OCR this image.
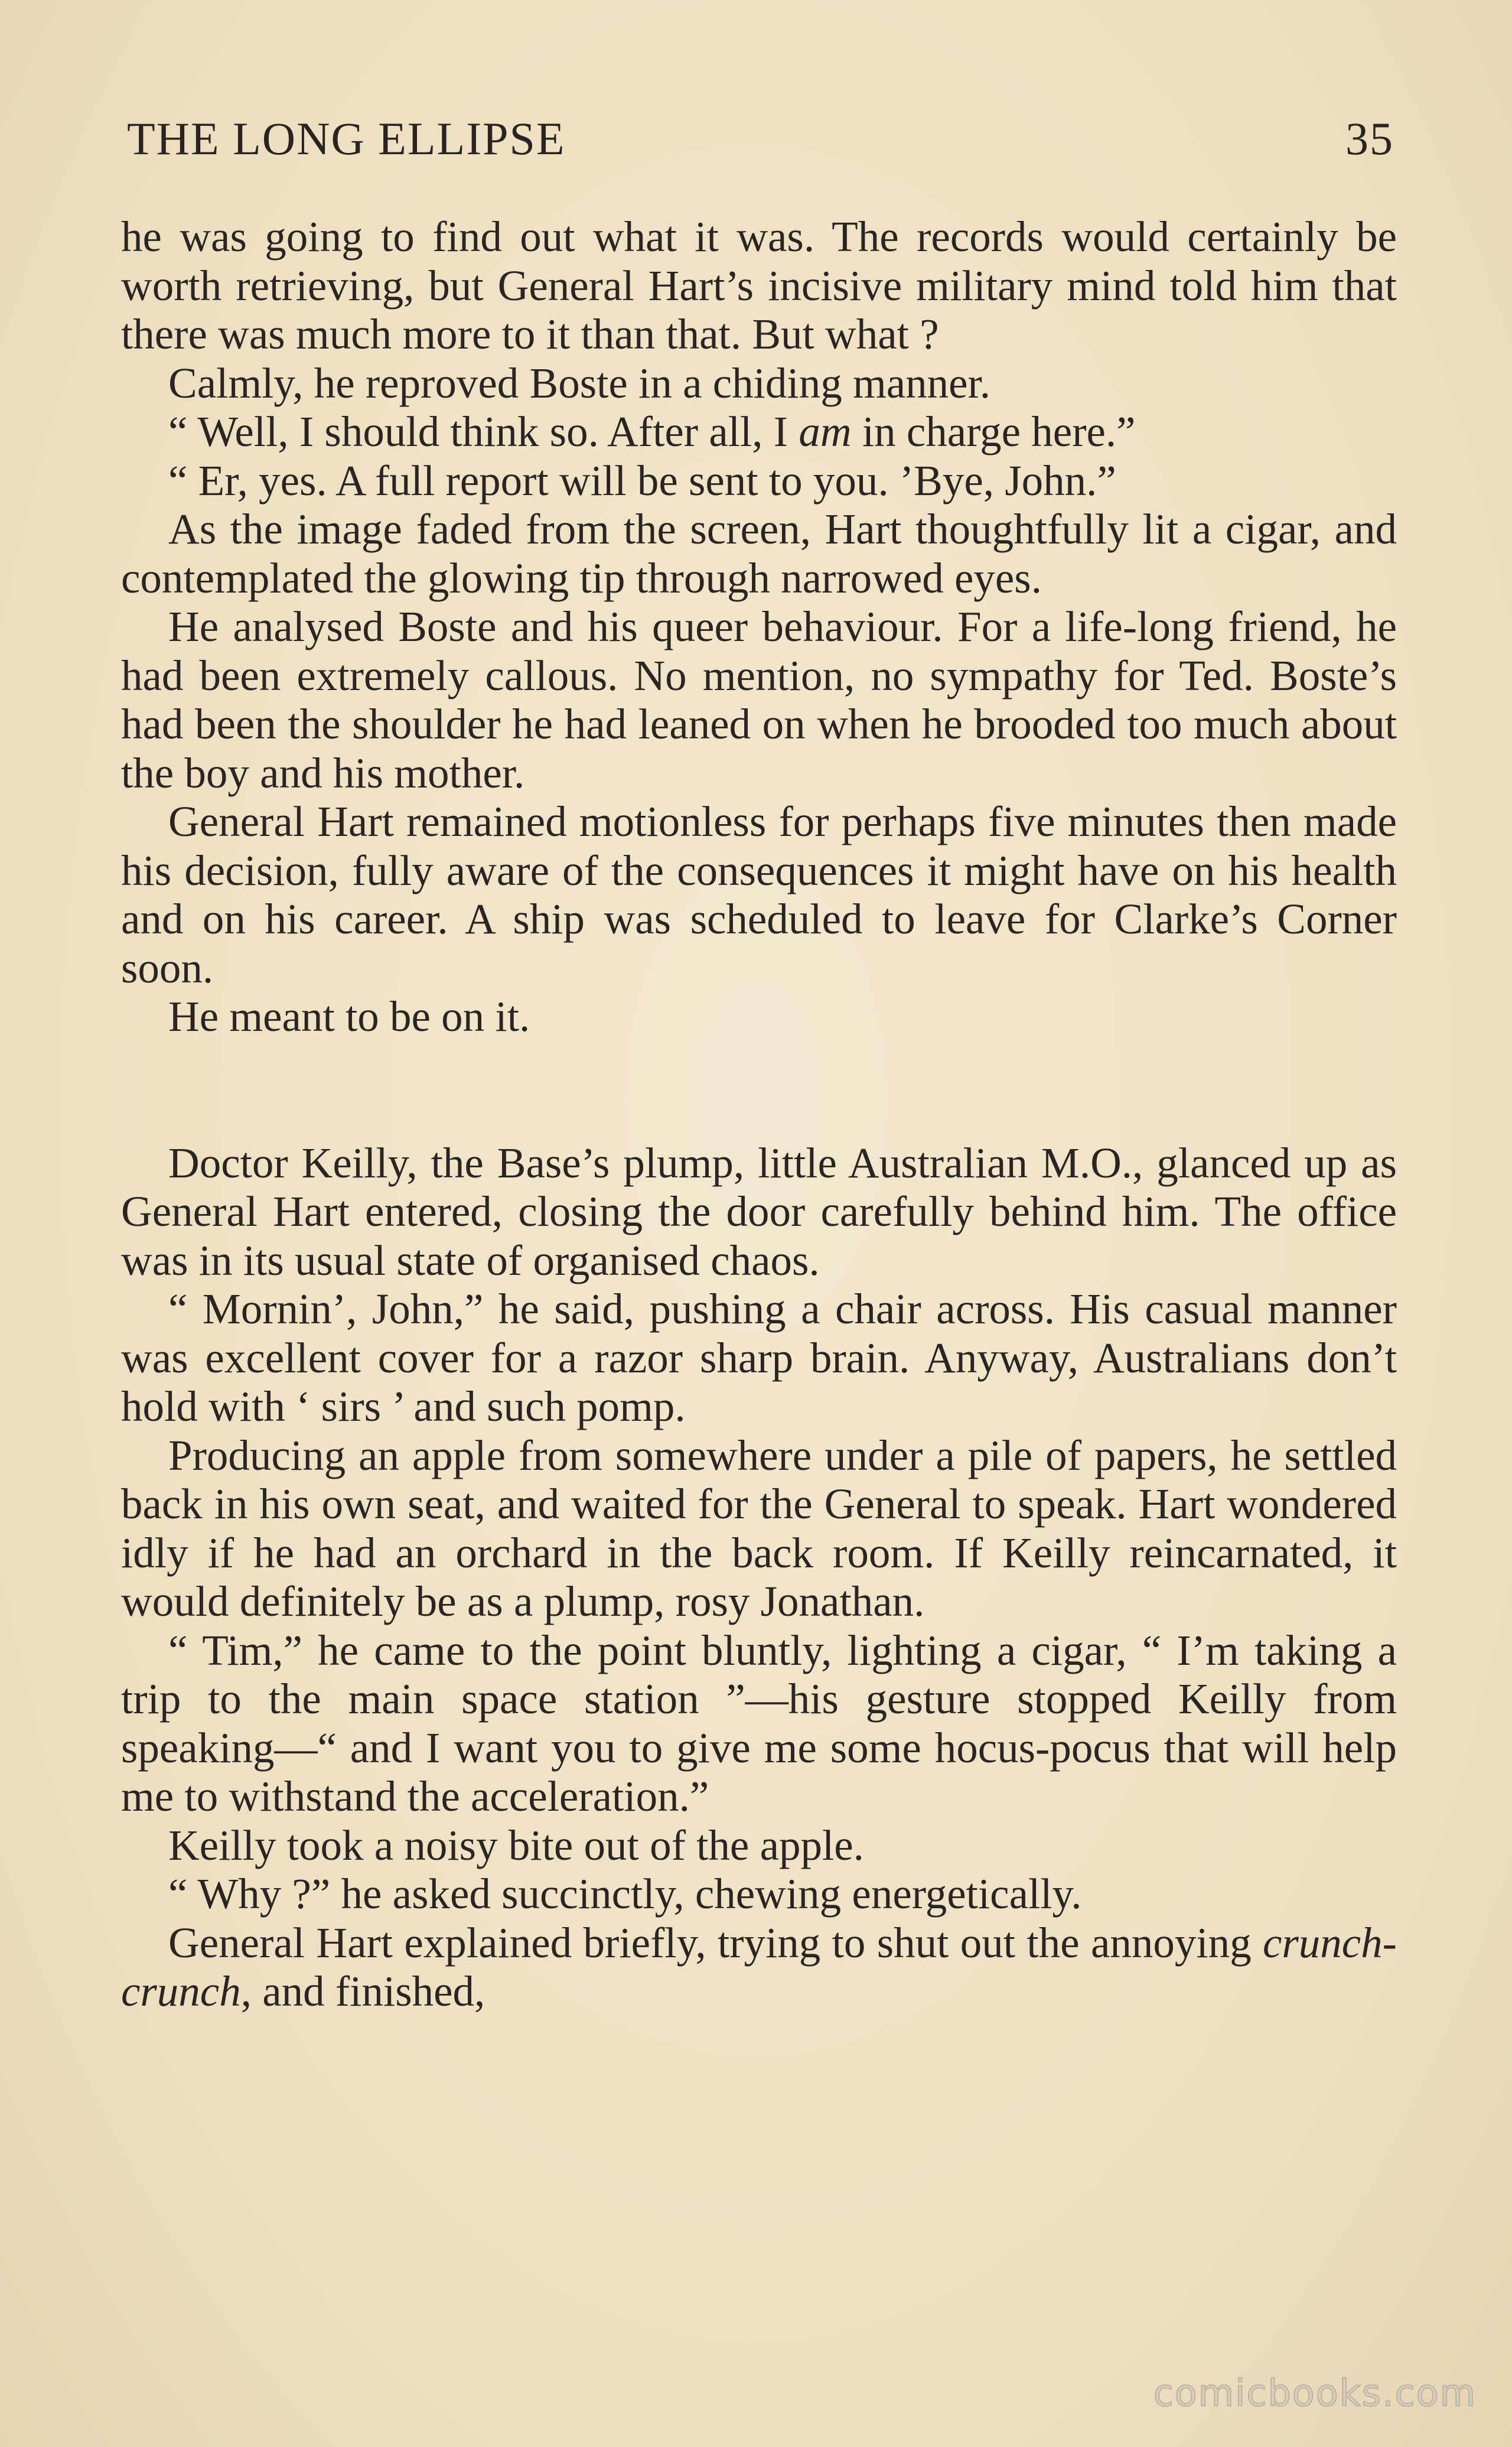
THE LONG ELLIPSE	35

he was going to find out what it was. The records would certainly be worth retrieving, but General Hart’s incisive military mind told him that there was much more to it than that. But what ?

Calmly, he reproved Boste in a chiding manner.

“ Well, I should think so. After all, I am in charge here.”

“ Er, yes. A full report will be sent to you. ’Bye, John.”

As the image faded from the screen, Hart thoughtfully lit a cigar, and contemplated the glowing tip through narrowed eyes.

He analysed Boste and his queer behaviour. For a life-long friend, he had been extremely callous. No mention, no sympathy for Ted. Boste’s had been the shoulder he had leaned on when he brooded too much about the boy and his mother.

General Hart remained motionless for perhaps five minutes then made his decision, fully aware of the consequences it might have on his health and on his career. A ship was scheduled to leave for Clarke’s Corner soon.

He meant to be on it.

Doctor Keilly, the Base’s plump, little Australian M.O., glanced up as General Hart entered, closing the door carefully behind him. The office was in its usual state of organised chaos.

“ Mornin’, John,” he said, pushing a chair across. His casual manner was excellent cover for a razor sharp brain. Anyway, Australians don’t hold with ‘ sirs ’ and such pomp.

Producing an apple from somewhere under a pile of papers, he settled back in his own seat, and waited for the General to speak. Hart wondered idly if he had an orchard in the back room. If Keilly reincarnated, it would definitely be as a plump, rosy Jonathan.

“ Tim,” he came to the point bluntly, lighting a cigar, “ I’m taking a trip to the main space station ”—his gesture stopped Keilly from speaking—“ and I want you to give me some hocus-pocus that will help me to withstand the acceleration.”

Keilly took a noisy bite out of the apple.

“ Why ?” he asked succinctly, chewing energetically.

General Hart explained briefly, trying to shut out the annoying crunch-crunch, and finished,

comicbooks.com
